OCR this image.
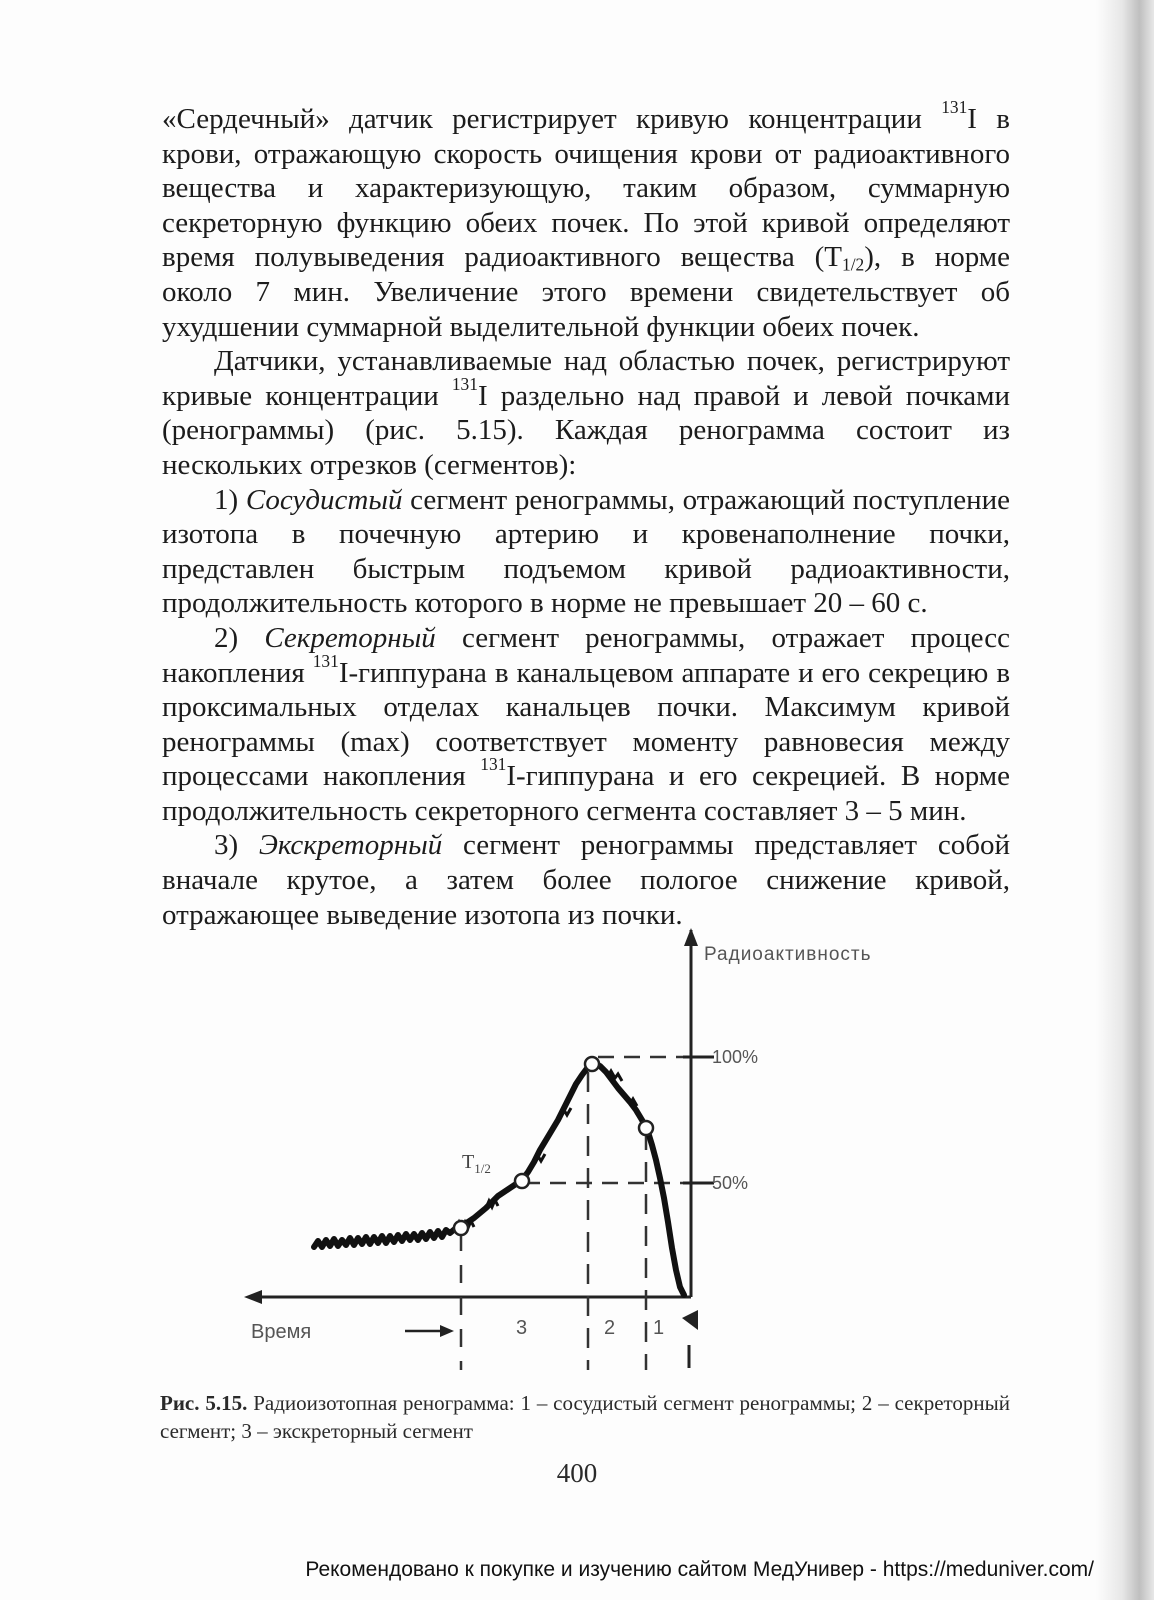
«Сердечный» датчик регистрирует кривую концентрации $^{131}$I в крови, отражающую скорость очищения крови от радиоактивного вещества и характеризующую, таким образом, суммарную секреторную функцию обеих почек. По этой кривой определяют время полувыведения радиоактивного вещества $(T_{1/2})$, в норме около 7 мин. Увеличение этого времени свидетельствует об ухудшении суммарной выделительной функции обеих почек.

Датчики, устанавливаемые над областью почек, регистрируют кривые концентрации $^{131}$I раздельно над правой и левой почками (ренограммы) (рис. 5.15). Каждая ренограмма состоит из нескольких отрезков (сегментов):

1) Сосудистый сегмент ренограммы, отражающий поступление изотопа в почечную артерию и кровенаполнение почки, представлен быстрым подъемом кривой радиоактивности, продолжительность которого в норме не превышает 20 – 60 с.

2) Секреторный сегмент ренограммы, отражает процесс накопления $^{131}$I-гиппурана в канальцевом аппарате и его секрецию в проксимальных отделах канальцев почки. Максимум кривой ренограммы (max) соответствует моменту равновесия между процессами накопления $^{131}$I-гиппурана и его секрецией. В норме продолжительность секреторного сегмента составляет 3 – 5 мин.

3) Экскреторный сегмент ренограммы представляет собой вначале крутое, а затем более пологое снижение кривой, отражающее выведение изотопа из почки.

Радиоактивность
Время
100%
50%
$T_{1/2}$
3	2 1
Рис. 5.15. Радиоизотопная ренограмма: 1 – сосудистый сегмент ренограммы; 2 – секреторный сегмент; 3 – экскреторный сегмент
400
Рекомендовано к покупке и изучению сайтом МедУнивер - https://meduniver.com/
